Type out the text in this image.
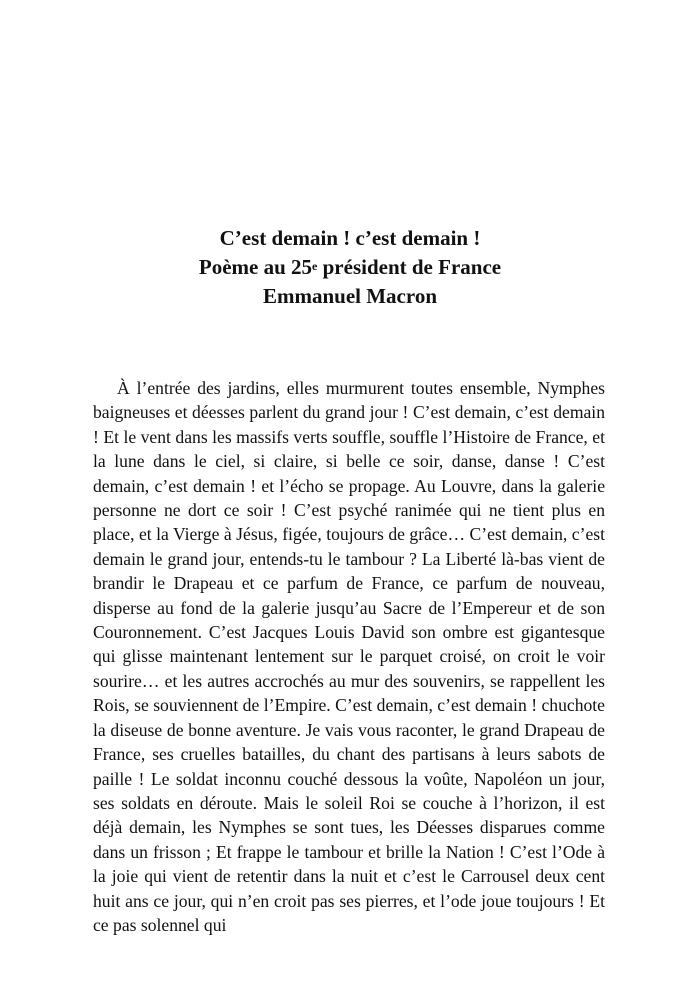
C’est demain ! c’est demain !
Poème au 25e président de France
Emmanuel Macron

À l’entrée des jardins, elles murmurent toutes ensemble, Nymphes baigneuses et déesses parlent du grand jour ! C’est demain, c’est demain ! Et le vent dans les massifs verts souffle, souffle l’Histoire de France, et la lune dans le ciel, si claire, si belle ce soir, danse, danse ! C’est demain, c’est demain ! et l’écho se propage. Au Louvre, dans la galerie personne ne dort ce soir ! C’est psyché ranimée qui ne tient plus en place, et la Vierge à Jésus, figée, toujours de grâce… C’est demain, c’est demain le grand jour, entends-tu le tambour ? La Liberté là-bas vient de brandir le Drapeau et ce parfum de France, ce parfum de nouveau, disperse au fond de la galerie jusqu’au Sacre de l’Empereur et de son Couronnement. C’est Jacques Louis David son ombre est gigantesque qui glisse maintenant lentement sur le parquet croisé, on croit le voir sourire… et les autres accrochés au mur des souvenirs, se rappellent les Rois, se souviennent de l’Empire. C’est demain, c’est demain ! chuchote la diseuse de bonne aventure. Je vais vous raconter, le grand Drapeau de France, ses cruelles batailles, du chant des partisans à leurs sabots de paille ! Le soldat inconnu couché dessous la voûte, Napoléon un jour, ses soldats en déroute. Mais le soleil Roi se couche à l’horizon, il est déjà demain, les Nymphes se sont tues, les Déesses disparues comme dans un frisson ; Et frappe le tambour et brille la Nation ! C’est l’Ode à la joie qui vient de retentir dans la nuit et c’est le Carrousel deux cent huit ans ce jour, qui n’en croit pas ses pierres, et l’ode joue toujours ! Et ce pas solennel qui
